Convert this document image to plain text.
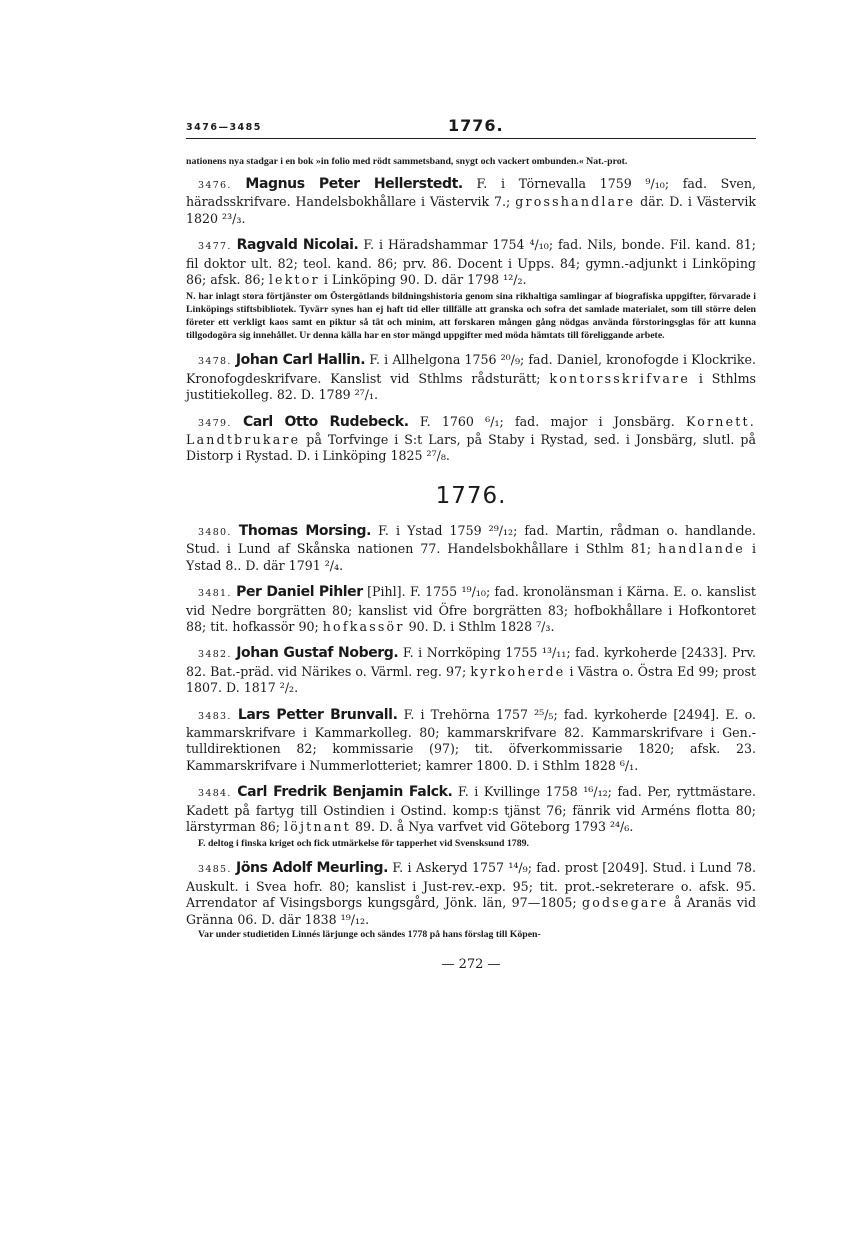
3476—3485	1776.

nationens nya stadgar i en bok »in folio med rödt sammetsband, snygt och vackert ombunden.« Nat.-prot.

3476. Magnus Peter Hellerstedt. F. i Törnevalla 1759 ⁹/₁₀; fad. Sven, häradsskrifvare. Handelsbokhållare i Västervik 7.; grosshandlare där. D. i Västervik 1820 ²³/₃.

3477. Ragvald Nicolai. F. i Häradshammar 1754 ⁴/₁₀; fad. Nils, bonde. Fil. kand. 81; fil doktor ult. 82; teol. kand. 86; prv. 86. Docent i Upps. 84; gymn.-adjunkt i Linköping 86; afsk. 86; lektor i Linköping 90. D. där 1798 ¹²/₂.

N. har inlagt stora förtjänster om Östergötlands bildningshistoria genom sina rikhaltiga samlingar af biografiska uppgifter, förvarade i Linköpings stiftsbibliotek. Tyvärr synes han ej haft tid eller tillfälle att granska och sofra det samlade materialet, som till större delen företer ett verkligt kaos samt en piktur så tät och minim, att forskaren mången gång nödgas använda förstoringsglas för att kunna tillgodogöra sig innehållet. Ur denna källa har en stor mängd uppgifter med möda hämtats till föreliggande arbete.

3478. Johan Carl Hallin. F. i Allhelgona 1756 ²⁰/₉; fad. Daniel, kronofogde i Klockrike. Kronofogdeskrifvare. Kanslist vid Sthlms rådsturätt; kontorsskrifvare i Sthlms justitiekolleg. 82. D. 1789 ²⁷/₁.

3479. Carl Otto Rudebeck. F. 1760 ⁶/₁; fad. major i Jonsbärg. Kornett. Landtbrukare på Torfvinge i S:t Lars, på Staby i Rystad, sed. i Jonsbärg, slutl. på Distorp i Rystad. D. i Linköping 1825 ²⁷/₈.

1776.

3480. Thomas Morsing. F. i Ystad 1759 ²⁹/₁₂; fad. Martin, rådman o. handlande. Stud. i Lund af Skånska nationen 77. Handelsbokhållare i Sthlm 81; handlande i Ystad 8.. D. där 1791 ²/₄.

3481. Per Daniel Pihler [Pihl]. F. 1755 ¹⁹/₁₀; fad. kronolänsman i Kärna. E. o. kanslist vid Nedre borgrätten 80; kanslist vid Öfre borgrätten 83; hofbokhållare i Hofkontoret 88; tit. hofkassör 90; hofkassör 90. D. i Sthlm 1828 ⁷/₃.

3482. Johan Gustaf Noberg. F. i Norrköping 1755 ¹³/₁₁; fad. kyrkoherde [2433]. Prv. 82. Bat.-präd. vid Närikes o. Värml. reg. 97; kyrkoherde i Västra o. Östra Ed 99; prost 1807. D. 1817 ²/₂.

3483. Lars Petter Brunvall. F. i Trehörna 1757 ²⁵/₅; fad. kyrkoherde [2494]. E. o. kammarskrifvare i Kammarkolleg. 80; kammarskrifvare 82. Kammarskrifvare i Gen.-tulldirektionen 82; kommissarie (97); tit. öfverkommissarie 1820; afsk. 23. Kammarskrifvare i Nummerlotteriet; kamrer 1800. D. i Sthlm 1828 ⁶/₁.

3484. Carl Fredrik Benjamin Falck. F. i Kvillinge 1758 ¹⁶/₁₂; fad. Per, ryttmästare. Kadett på fartyg till Ostindien i Ostind. komp:s tjänst 76; fänrik vid Arméns flotta 80; lärstyrman 86; löjtnant 89. D. å Nya varfvet vid Göteborg 1793 ²⁴/₆.

F. deltog i finska kriget och fick utmärkelse för tapperhet vid Svensksund 1789.

3485. Jöns Adolf Meurling. F. i Askeryd 1757 ¹⁴/₉; fad. prost [2049]. Stud. i Lund 78. Auskult. i Svea hofr. 80; kanslist i Just-rev.-exp. 95; tit. prot.-sekreterare o. afsk. 95. Arrendator af Visingsborgs kungsgård, Jönk. län, 97—1805; godsegare å Aranäs vid Gränna 06. D. där 1838 ¹⁹/₁₂.

Var under studietiden Linnés lärjunge och sändes 1778 på hans förslag till Köpen-

— 272 —
